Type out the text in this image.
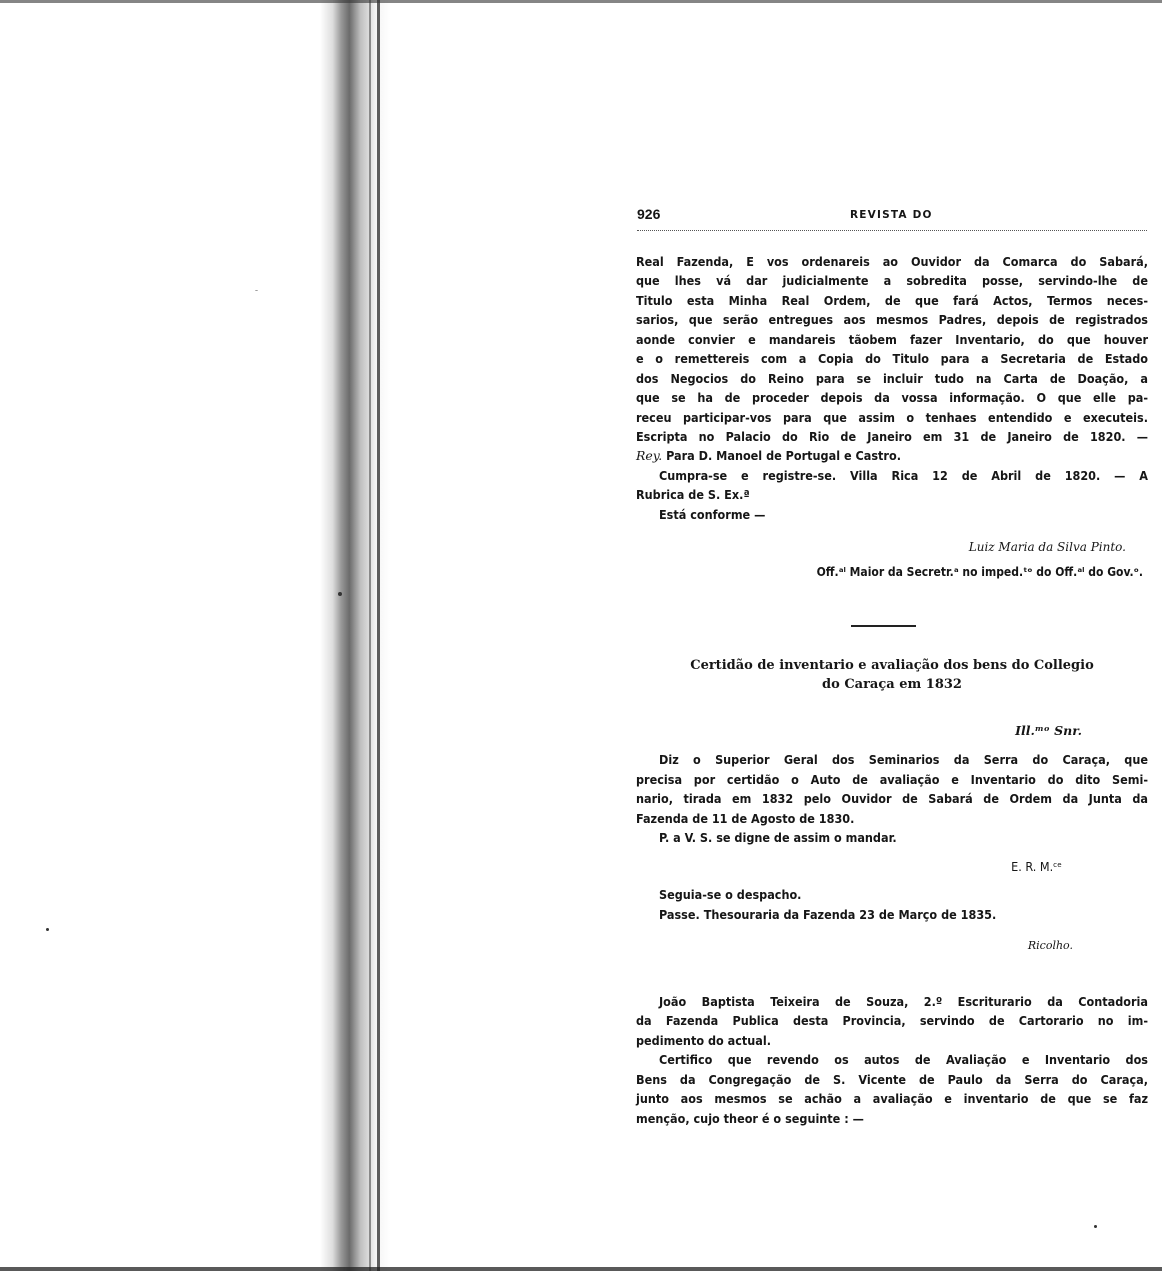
926	REVISTA DO
Real Fazenda, E vos ordenareis ao Ouvidor da Comarca do Sabará,
que lhes vá dar judicialmente a sobredita posse, servindo-lhe de
Titulo esta Minha Real Ordem, de que fará Actos, Termos neces-
sarios, que serão entregues aos mesmos Padres, depois de registrados
aonde convier e mandareis tãobem fazer Inventario, do que houver
e o remettereis com a Copia do Titulo para a Secretaria de Estado
dos Negocios do Reino para se incluir tudo na Carta de Doação, a
que se ha de proceder depois da vossa informação. O que elle pa-
receu participar-vos para que assim o tenhaes entendido e executeis.
Escripta no Palacio do Rio de Janeiro em 31 de Janeiro de 1820. —
Rey. Para D. Manoel de Portugal e Castro.
Cumpra-se e registre-se. Villa Rica 12 de Abril de 1820. — A
Rubrica de S. Ex.ª
Está conforme —
Luiz Maria da Silva Pinto.
Off.ᵃˡ Maior da Secretr.ᵃ no imped.ᵗᵒ do Off.ᵃˡ do Gov.ᵒ.
Certidão de inventario e avaliação dos bens do Collegio
do Caraça em 1832
Ill.ᵐᵒ Snr.
Diz o Superior Geral dos Seminarios da Serra do Caraça, que
precisa por certidão o Auto de avaliação e Inventario do dito Semi-
nario, tirada em 1832 pelo Ouvidor de Sabará de Ordem da Junta da
Fazenda de 11 de Agosto de 1830.
P. a V. S. se digne de assim o mandar.
E. R. M.ᶜᵉ
Seguia-se o despacho.
Passe. Thesouraria da Fazenda 23 de Março de 1835.
Ricolho.
João Baptista Teixeira de Souza, 2.º Escriturario da Contadoria
da Fazenda Publica desta Provincia, servindo de Cartorario no im-
pedimento do actual.
Certifico que revendo os autos de Avaliação e Inventario dos
Bens da Congregação de S. Vicente de Paulo da Serra do Caraça,
junto aos mesmos se achão a avaliação e inventario de que se faz
menção, cujo theor é o seguinte : —
